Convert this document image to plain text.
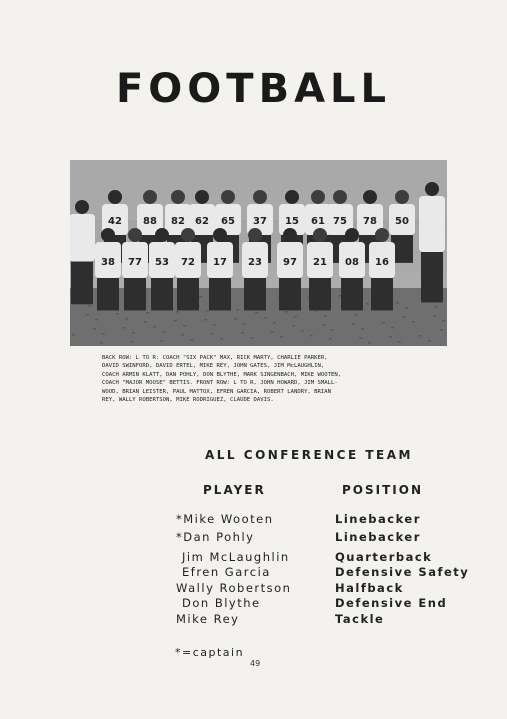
FOOTBALL
42 88 82 62 65 37 15 61 75 78 50
38 77 53 72 17 23 97 21 08 16
BACK ROW: L TO R: COACH "SIX PACK" MAX, RICK MARTY, CHARLIE PARKER,
DAVID SWINFORD, DAVID ERTEL, MIKE REY, JOHN GATES, JIM McLAUGHLIN,
COACH ARMIN KLATT, DAN POHLY, DON BLYTHE, MARK SINGENBACH, MIKE WOOTEN,
COACH "MAJOR MOOSE" BETTIS. FRONT ROW: L TO R, JOHN HOWARD, JIM SMALL-
WOOD, BRIAN LEISTER, PAUL MATTOX, EFREN GARCIA, ROBERT LANDRY, BRIAN
REY, WALLY ROBERTSON, MIKE RODRIGUEZ, CLAUDE DAVIS.
ALL CONFERENCE TEAM
PLAYER	POSITION
*Mike Wooten
*Dan Pohly
Jim McLaughlin
Efren Garcia
Wally Robertson
Don Blythe
Mike Rey
Linebacker
Linebacker
Quarterback
Defensive Safety
Halfback
Defensive End
Tackle
*=captain
49
